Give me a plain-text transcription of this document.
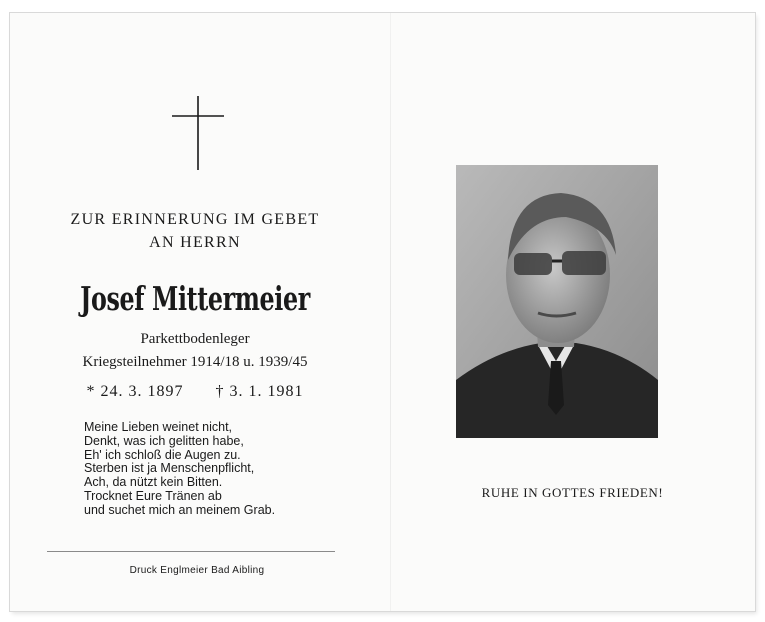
ZUR ERINNERUNG IM GEBET
AN HERRN
Josef Mittermeier
Parkettbodenleger
Kriegsteilnehmer 1914/18 u. 1939/45
* 24. 3. 1897 † 3. 1. 1981
Meine Lieben weinet nicht,
Denkt, was ich gelitten habe,
Eh' ich schloß die Augen zu.
Sterben ist ja Menschenpflicht,
Ach, da nützt kein Bitten.
Trocknet Eure Tränen ab
und suchet mich an meinem Grab.
Druck Englmeier Bad Aibling
RUHE IN GOTTES FRIEDEN!
